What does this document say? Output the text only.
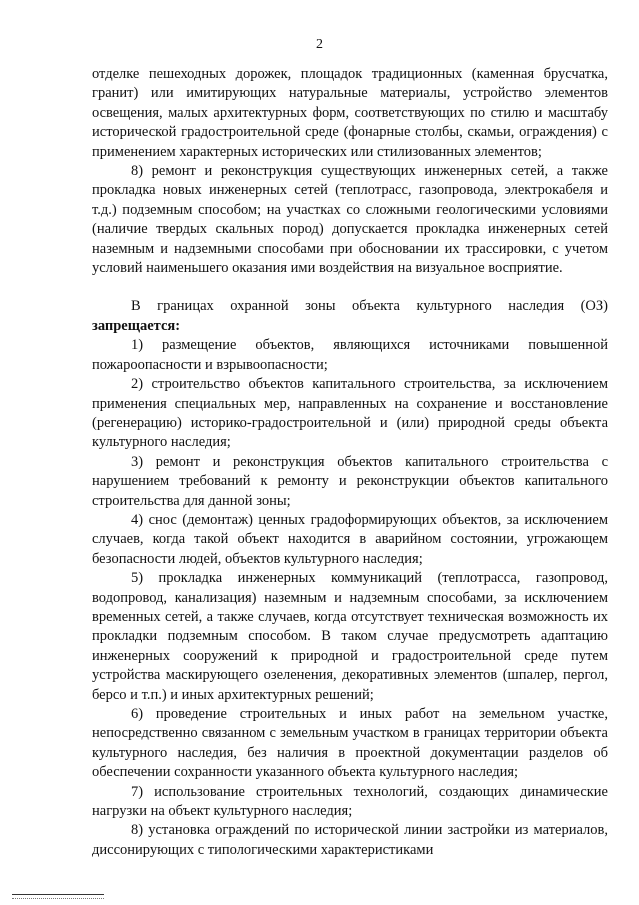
2

отделке пешеходных дорожек, площадок традиционных (каменная брусчатка, гранит) или имитирующих натуральные материалы, устройство элементов освещения, малых архитектурных форм, соответствующих по стилю и масштабу исторической градостроительной среде (фонарные столбы, скамьи, ограждения) с применением характерных исторических или стилизованных элементов;

8) ремонт и реконструкция существующих инженерных сетей, а также прокладка новых инженерных сетей (теплотрасс, газопровода, электрокабеля и т.д.) подземным способом; на участках со сложными геологическими условиями (наличие твердых скальных пород) допускается прокладка инженерных сетей наземным и надземными способами при обосновании их трассировки, с учетом условий наименьшего оказания ими воздействия на визуальное восприятие.

В границах охранной зоны объекта культурного наследия (ОЗ) запрещается:

1) размещение объектов, являющихся источниками повышенной пожароопасности и взрывоопасности;

2) строительство объектов капитального строительства, за исключением применения специальных мер, направленных на сохранение и восстановление (регенерацию) историко-градостроительной и (или) природной среды объекта культурного наследия;

3) ремонт и реконструкция объектов капитального строительства с нарушением требований к ремонту и реконструкции объектов капитального строительства для данной зоны;

4) снос (демонтаж) ценных градоформирующих объектов, за исключением случаев, когда такой объект находится в аварийном состоянии, угрожающем безопасности людей, объектов культурного наследия;

5) прокладка инженерных коммуникаций (теплотрасса, газопровод, водопровод, канализация) наземным и надземным способами, за исключением временных сетей, а также случаев, когда отсутствует техническая возможность их прокладки подземным способом. В таком случае предусмотреть адаптацию инженерных сооружений к природной и градостроительной среде путем устройства маскирующего озеленения, декоративных элементов (шпалер, пергол, берсо и т.п.) и иных архитектурных решений;

6) проведение строительных и иных работ на земельном участке, непосредственно связанном с земельным участком в границах территории объекта культурного наследия, без наличия в проектной документации разделов об обеспечении сохранности указанного объекта культурного наследия;

7) использование строительных технологий, создающих динамические нагрузки на объект культурного наследия;

8) установка ограждений по исторической линии застройки из материалов, диссонирующих с типологическими характеристиками
